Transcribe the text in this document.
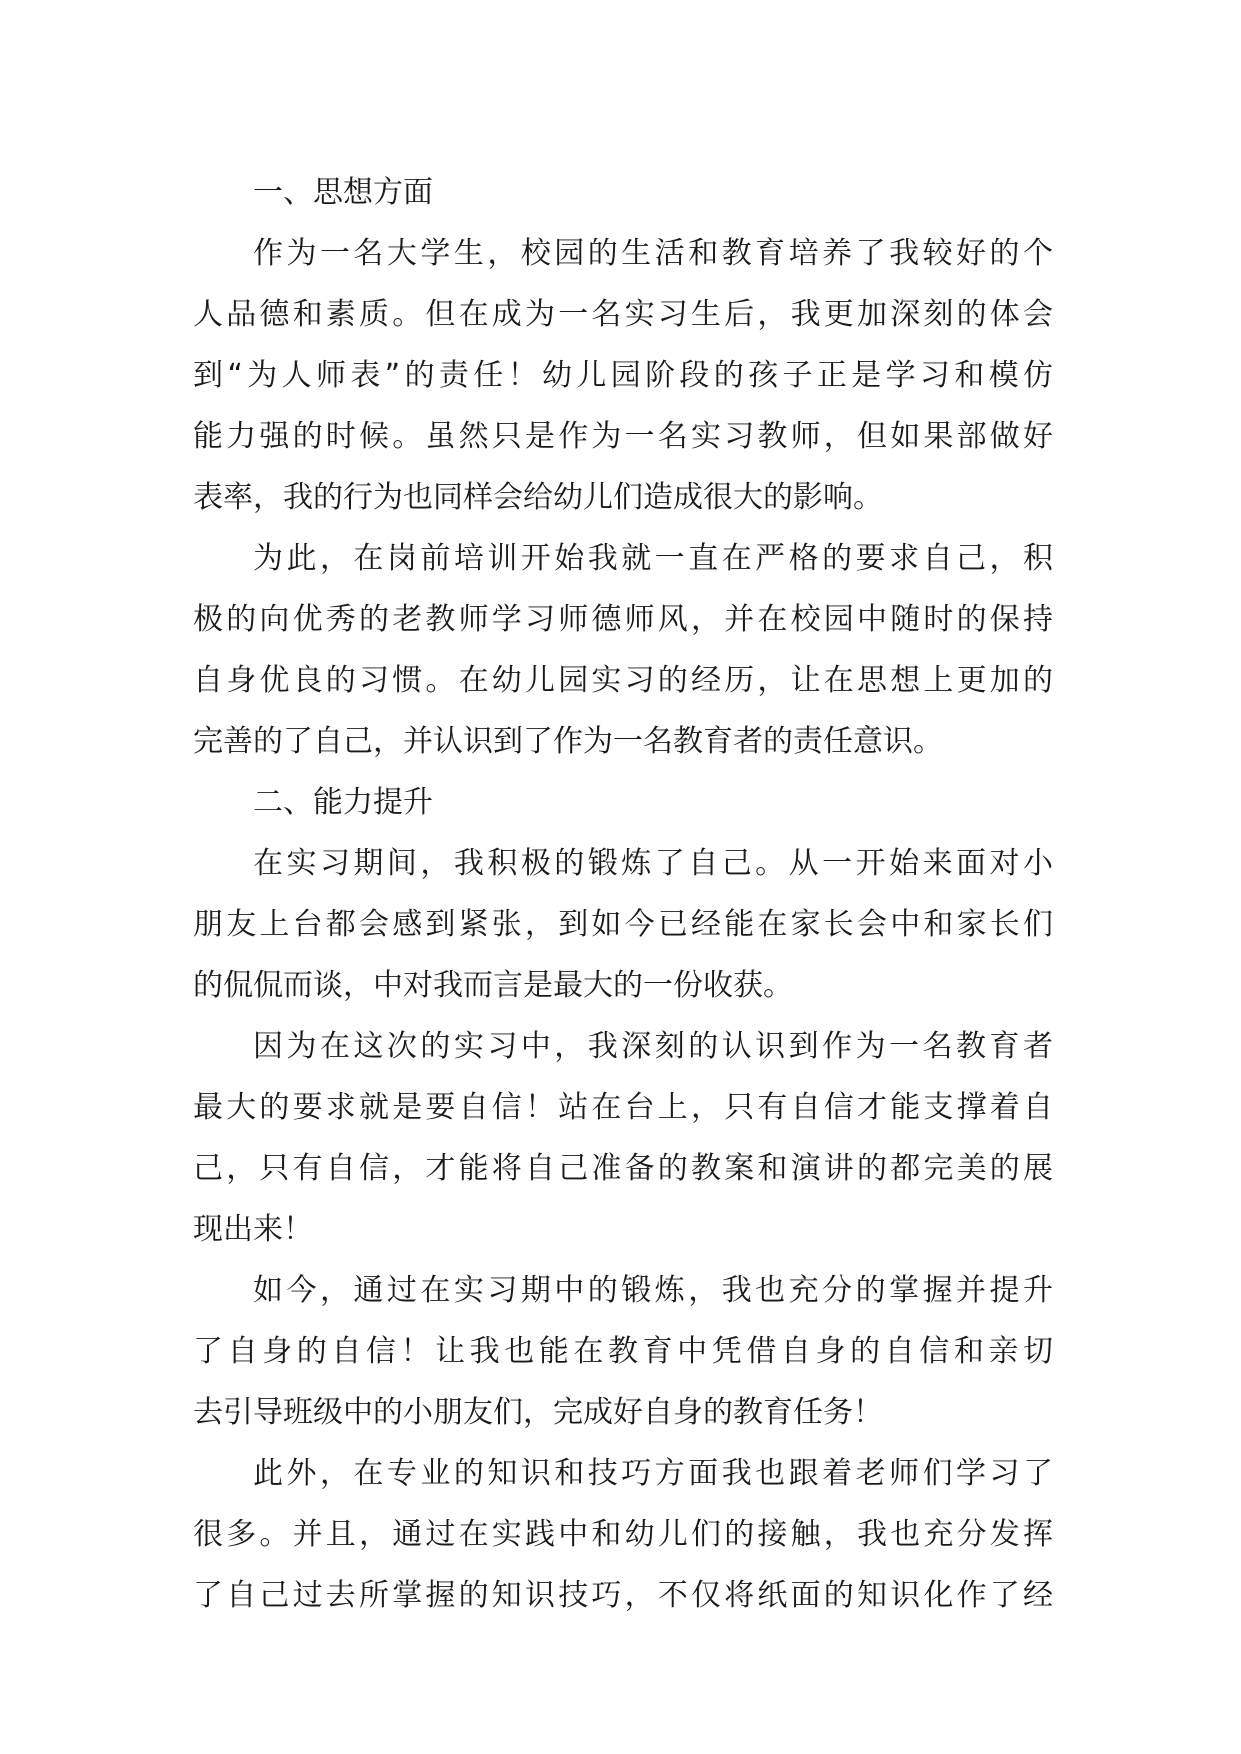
一、思想方面
作为一名大学生，校园的生活和教育培养了我较好的个
人品德和素质。但在成为一名实习生后，我更加深刻的体会
到“为人师表”的责任！幼儿园阶段的孩子正是学习和模仿
能力强的时候。虽然只是作为一名实习教师，但如果部做好
表率，我的行为也同样会给幼儿们造成很大的影响。
为此，在岗前培训开始我就一直在严格的要求自己，积
极的向优秀的老教师学习师德师风，并在校园中随时的保持
自身优良的习惯。在幼儿园实习的经历，让在思想上更加的
完善的了自己，并认识到了作为一名教育者的责任意识。
二、能力提升
在实习期间，我积极的锻炼了自己。从一开始来面对小
朋友上台都会感到紧张，到如今已经能在家长会中和家长们
的侃侃而谈，中对我而言是最大的一份收获。
因为在这次的实习中，我深刻的认识到作为一名教育者
最大的要求就是要自信！站在台上，只有自信才能支撑着自
己，只有自信，才能将自己准备的教案和演讲的都完美的展
现出来！
如今，通过在实习期中的锻炼，我也充分的掌握并提升
了自身的自信！让我也能在教育中凭借自身的自信和亲切
去引导班级中的小朋友们，完成好自身的教育任务！
此外，在专业的知识和技巧方面我也跟着老师们学习了
很多。并且，通过在实践中和幼儿们的接触，我也充分发挥
了自己过去所掌握的知识技巧，不仅将纸面的知识化作了经
